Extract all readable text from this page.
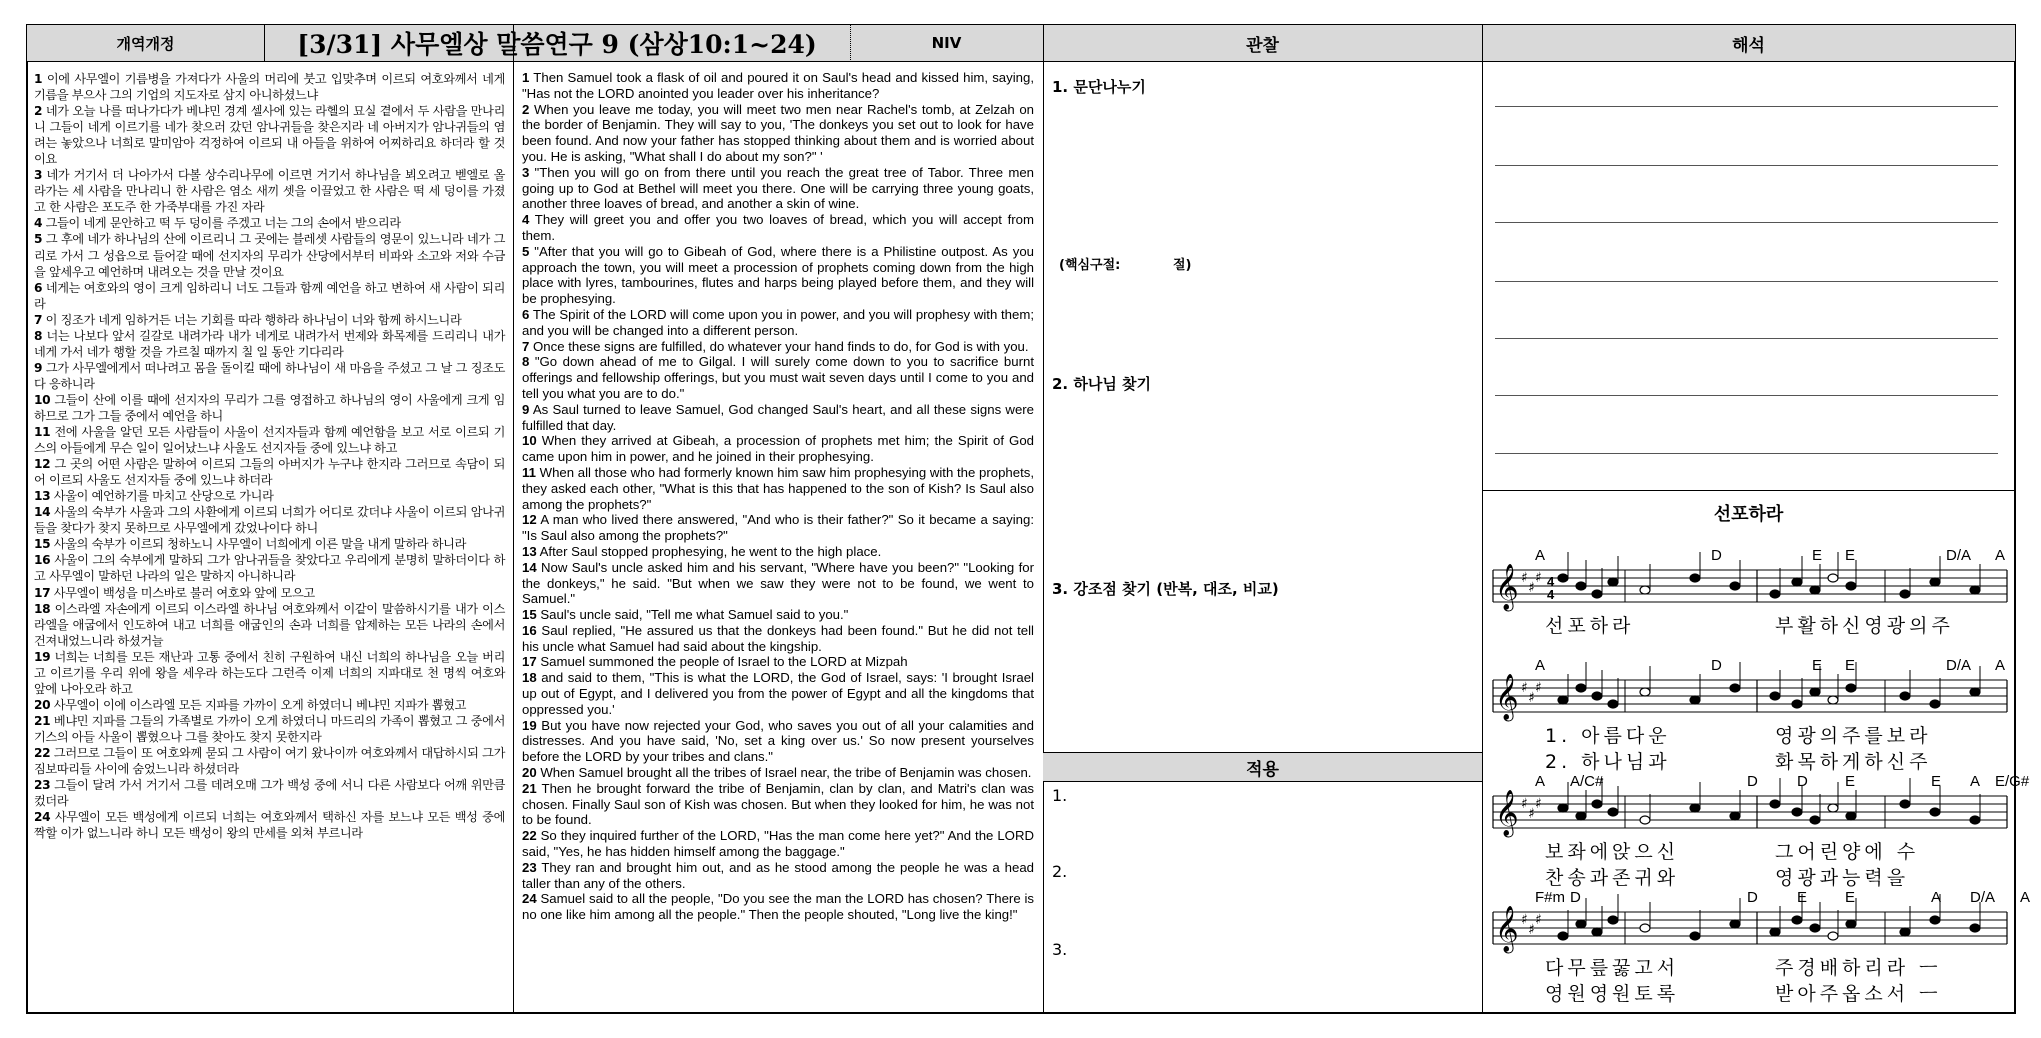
개역개정	[3/31] 사무엘상 말씀연구 9 (삼상10:1~24)	NIV	관찰	해석

1 이에 사무엘이 기름병을 가져다가 사울의 머리에 붓고 입맞추며 이르되 여호와께서 네게 기름을 부으사 그의 기업의 지도자로 삼지 아니하셨느냐

2 네가 오늘 나를 떠나가다가 베냐민 경계 셀사에 있는 라헬의 묘실 곁에서 두 사람을 만나리니 그들이 네게 이르기를 네가 찾으러 갔던 암나귀들을 찾은지라 네 아버지가 암나귀들의 염려는 놓았으나 너희로 말미암아 걱정하여 이르되 내 아들을 위하여 어찌하리요 하더라 할 것이요

3 네가 거기서 더 나아가서 다볼 상수리나무에 이르면 거기서 하나님을 뵈오려고 벧엘로 올라가는 세 사람을 만나리니 한 사람은 염소 새끼 셋을 이끌었고 한 사람은 떡 세 덩이를 가졌고 한 사람은 포도주 한 가죽부대를 가진 자라

4 그들이 네게 문안하고 떡 두 덩이를 주겠고 너는 그의 손에서 받으리라

5 그 후에 네가 하나님의 산에 이르리니 그 곳에는 블레셋 사람들의 영문이 있느니라 네가 그리로 가서 그 성읍으로 들어갈 때에 선지자의 무리가 산당에서부터 비파와 소고와 저와 수금을 앞세우고 예언하며 내려오는 것을 만날 것이요

6 네게는 여호와의 영이 크게 임하리니 너도 그들과 함께 예언을 하고 변하여 새 사람이 되리라

7 이 징조가 네게 임하거든 너는 기회를 따라 행하라 하나님이 너와 함께 하시느니라

8 너는 나보다 앞서 길갈로 내려가라 내가 네게로 내려가서 번제와 화목제를 드리리니 내가 네게 가서 네가 행할 것을 가르칠 때까지 칠 일 동안 기다리라

9 그가 사무엘에게서 떠나려고 몸을 돌이킬 때에 하나님이 새 마음을 주셨고 그 날 그 징조도 다 응하니라

10 그들이 산에 이를 때에 선지자의 무리가 그를 영접하고 하나님의 영이 사울에게 크게 임하므로 그가 그들 중에서 예언을 하니

11 전에 사울을 알던 모든 사람들이 사울이 선지자들과 함께 예언함을 보고 서로 이르되 기스의 아들에게 무슨 일이 일어났느냐 사울도 선지자들 중에 있느냐 하고

12 그 곳의 어떤 사람은 말하여 이르되 그들의 아버지가 누구냐 한지라 그러므로 속담이 되어 이르되 사울도 선지자들 중에 있느냐 하더라

13 사울이 예언하기를 마치고 산당으로 가니라

14 사울의 숙부가 사울과 그의 사환에게 이르되 너희가 어디로 갔더냐 사울이 이르되 암나귀들을 찾다가 찾지 못하므로 사무엘에게 갔었나이다 하니

15 사울의 숙부가 이르되 청하노니 사무엘이 너희에게 이른 말을 내게 말하라 하니라

16 사울이 그의 숙부에게 말하되 그가 암나귀들을 찾았다고 우리에게 분명히 말하더이다 하고 사무엘이 말하던 나라의 일은 말하지 아니하니라

17 사무엘이 백성을 미스바로 불러 여호와 앞에 모으고

18 이스라엘 자손에게 이르되 이스라엘 하나님 여호와께서 이같이 말씀하시기를 내가 이스라엘을 애굽에서 인도하여 내고 너희를 애굽인의 손과 너희를 압제하는 모든 나라의 손에서 건져내었느니라 하셨거늘

19 너희는 너희를 모든 재난과 고통 중에서 친히 구원하여 내신 너희의 하나님을 오늘 버리고 이르기를 우리 위에 왕을 세우라 하는도다 그런즉 이제 너희의 지파대로 천 명씩 여호와 앞에 나아오라 하고

20 사무엘이 이에 이스라엘 모든 지파를 가까이 오게 하였더니 베냐민 지파가 뽑혔고

21 베냐민 지파를 그들의 가족별로 가까이 오게 하였더니 마드리의 가족이 뽑혔고 그 중에서 기스의 아들 사울이 뽑혔으나 그를 찾아도 찾지 못한지라

22 그러므로 그들이 또 여호와께 묻되 그 사람이 여기 왔나이까 여호와께서 대답하시되 그가 짐보따리들 사이에 숨었느니라 하셨더라

23 그들이 달려 가서 거기서 그를 데려오매 그가 백성 중에 서니 다른 사람보다 어깨 위만큼 컸더라

24 사무엘이 모든 백성에게 이르되 너희는 여호와께서 택하신 자를 보느냐 모든 백성 중에 짝할 이가 없느니라 하니 모든 백성이 왕의 만세를 외쳐 부르니라

1 Then Samuel took a flask of oil and poured it on Saul's head and kissed him, saying, "Has not the LORD anointed you leader over his inheritance?

2 When you leave me today, you will meet two men near Rachel's tomb, at Zelzah on the border of Benjamin. They will say to you, 'The donkeys you set out to look for have been found. And now your father has stopped thinking about them and is worried about you. He is asking, "What shall I do about my son?" '

3 "Then you will go on from there until you reach the great tree of Tabor. Three men going up to God at Bethel will meet you there. One will be carrying three young goats, another three loaves of bread, and another a skin of wine.

4 They will greet you and offer you two loaves of bread, which you will accept from them.

5 "After that you will go to Gibeah of God, where there is a Philistine outpost. As you approach the town, you will meet a procession of prophets coming down from the high place with lyres, tambourines, flutes and harps being played before them, and they will be prophesying.

6 The Spirit of the LORD will come upon you in power, and you will prophesy with them; and you will be changed into a different person.

7 Once these signs are fulfilled, do whatever your hand finds to do, for God is with you.

8 "Go down ahead of me to Gilgal. I will surely come down to you to sacrifice burnt offerings and fellowship offerings, but you must wait seven days until I come to you and tell you what you are to do."

9 As Saul turned to leave Samuel, God changed Saul's heart, and all these signs were fulfilled that day.

10 When they arrived at Gibeah, a procession of prophets met him; the Spirit of God came upon him in power, and he joined in their prophesying.

11 When all those who had formerly known him saw him prophesying with the prophets, they asked each other, "What is this that has happened to the son of Kish? Is Saul also among the prophets?"

12 A man who lived there answered, "And who is their father?" So it became a saying: "Is Saul also among the prophets?"

13 After Saul stopped prophesying, he went to the high place.

14 Now Saul's uncle asked him and his servant, "Where have you been?" "Looking for the donkeys," he said. "But when we saw they were not to be found, we went to Samuel."

15 Saul's uncle said, "Tell me what Samuel said to you."

16 Saul replied, "He assured us that the donkeys had been found." But he did not tell his uncle what Samuel had said about the kingship.

17 Samuel summoned the people of Israel to the LORD at Mizpah

18 and said to them, "This is what the LORD, the God of Israel, says: 'I brought Israel up out of Egypt, and I delivered you from the power of Egypt and all the kingdoms that oppressed you.'

19 But you have now rejected your God, who saves you out of all your calamities and distresses. And you have said, 'No, set a king over us.' So now present yourselves before the LORD by your tribes and clans."

20 When Samuel brought all the tribes of Israel near, the tribe of Benjamin was chosen.

21 Then he brought forward the tribe of Benjamin, clan by clan, and Matri's clan was chosen. Finally Saul son of Kish was chosen. But when they looked for him, he was not to be found.

22 So they inquired further of the LORD, "Has the man come here yet?" And the LORD said, "Yes, he has hidden himself among the baggage."

23 They ran and brought him out, and as he stood among the people he was a head taller than any of the others.

24 Samuel said to all the people, "Do you see the man the LORD has chosen? There is no one like him among all the people." Then the people shouted, "Long live the king!"

1. 문단나누기
(핵심구절:	절)
2. 하나님 찾기
3. 강조점 찾기 (반복, 대조, 비교)
적용
1.
2.
3.
선포하라
𝄞 ♯
♯
♯ 4
4
A	D	E E	D/A A
선포하라	부활하신영광의주
𝄞 ♯
♯
♯
A	D	E E	D/A A
1. 아름다운	영광의주를보라
2. 하나님과	화목하게하신주
𝄞 ♯
♯
♯
A A/C#	D	D E	E A E/G#
보좌에앉으신	그어린양에 수
찬송과존귀와	영광과능력을
𝄞 ♯
♯
♯
F#m D	D	E	E	A D/A A
다무릎꿇고서	주경배하리라 ㅡ
영원영원토록	받아주옵소서 ㅡ
